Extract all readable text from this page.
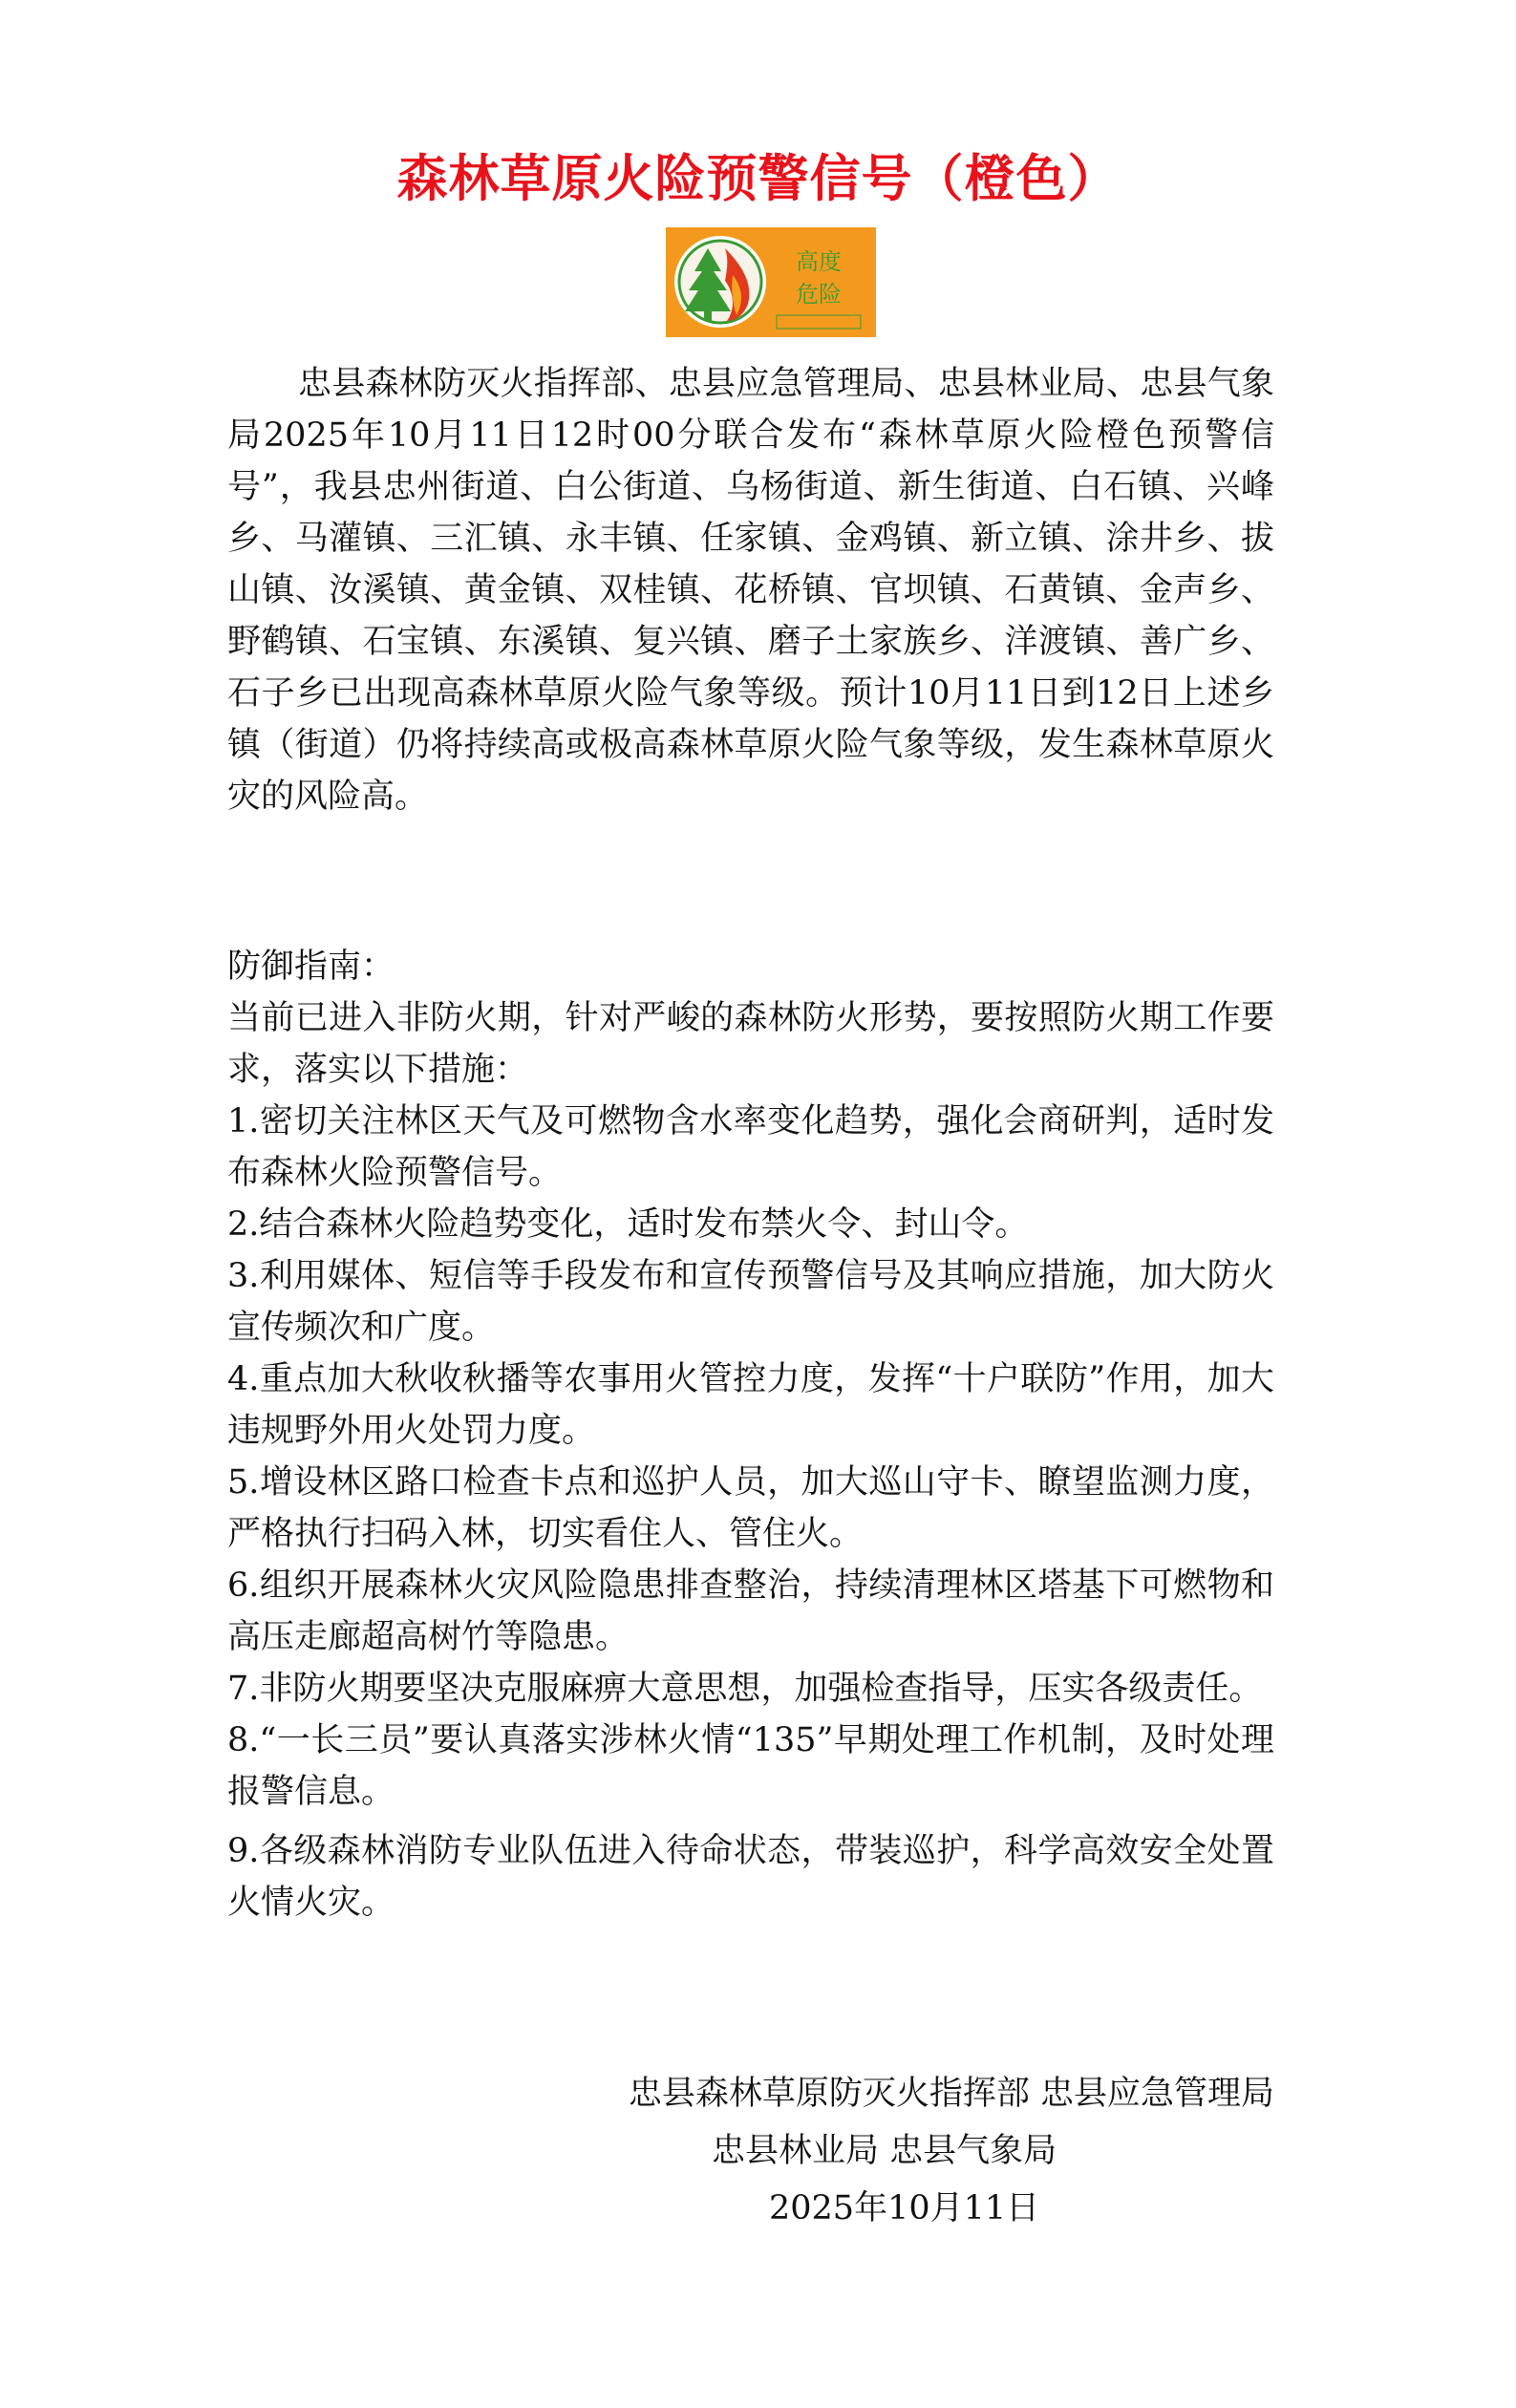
森林草原火险预警信号（橙色）
高度
危险

忠县森林防灭火指挥部、忠县应急管理局、忠县林业局、忠县气象局2025年10月11日12时00分联合发布“森林草原火险橙色预警信号”，我县忠州街道、白公街道、乌杨街道、新生街道、白石镇、兴峰乡、马灌镇、三汇镇、永丰镇、任家镇、金鸡镇、新立镇、涂井乡、拔山镇、汝溪镇、黄金镇、双桂镇、花桥镇、官坝镇、石黄镇、金声乡、野鹤镇、石宝镇、东溪镇、复兴镇、磨子土家族乡、洋渡镇、善广乡、石子乡已出现高森林草原火险气象等级。预计10月11日到12日上述乡镇（街道）仍将持续高或极高森林草原火险气象等级，发生森林草原火灾的风险高。

防御指南：

当前已进入非防火期，针对严峻的森林防火形势，要按照防火期工作要求，落实以下措施：

1.密切关注林区天气及可燃物含水率变化趋势，强化会商研判，适时发布森林火险预警信号。

2.结合森林火险趋势变化，适时发布禁火令、封山令。

3.利用媒体、短信等手段发布和宣传预警信号及其响应措施，加大防火宣传频次和广度。

4.重点加大秋收秋播等农事用火管控力度，发挥“十户联防”作用，加大违规野外用火处罚力度。

5.增设林区路口检查卡点和巡护人员，加大巡山守卡、瞭望监测力度，严格执行扫码入林，切实看住人、管住火。

6.组织开展森林火灾风险隐患排查整治，持续清理林区塔基下可燃物和高压走廊超高树竹等隐患。

7.非防火期要坚决克服麻痹大意思想，加强检查指导，压实各级责任。

8.“一长三员”要认真落实涉林火情“135”早期处理工作机制，及时处理报警信息。

9.各级森林消防专业队伍进入待命状态，带装巡护，科学高效安全处置火情火灾。

忠县森林草原防灭火指挥部 忠县应急管理局
忠县林业局 忠县气象局
2025年10月11日
